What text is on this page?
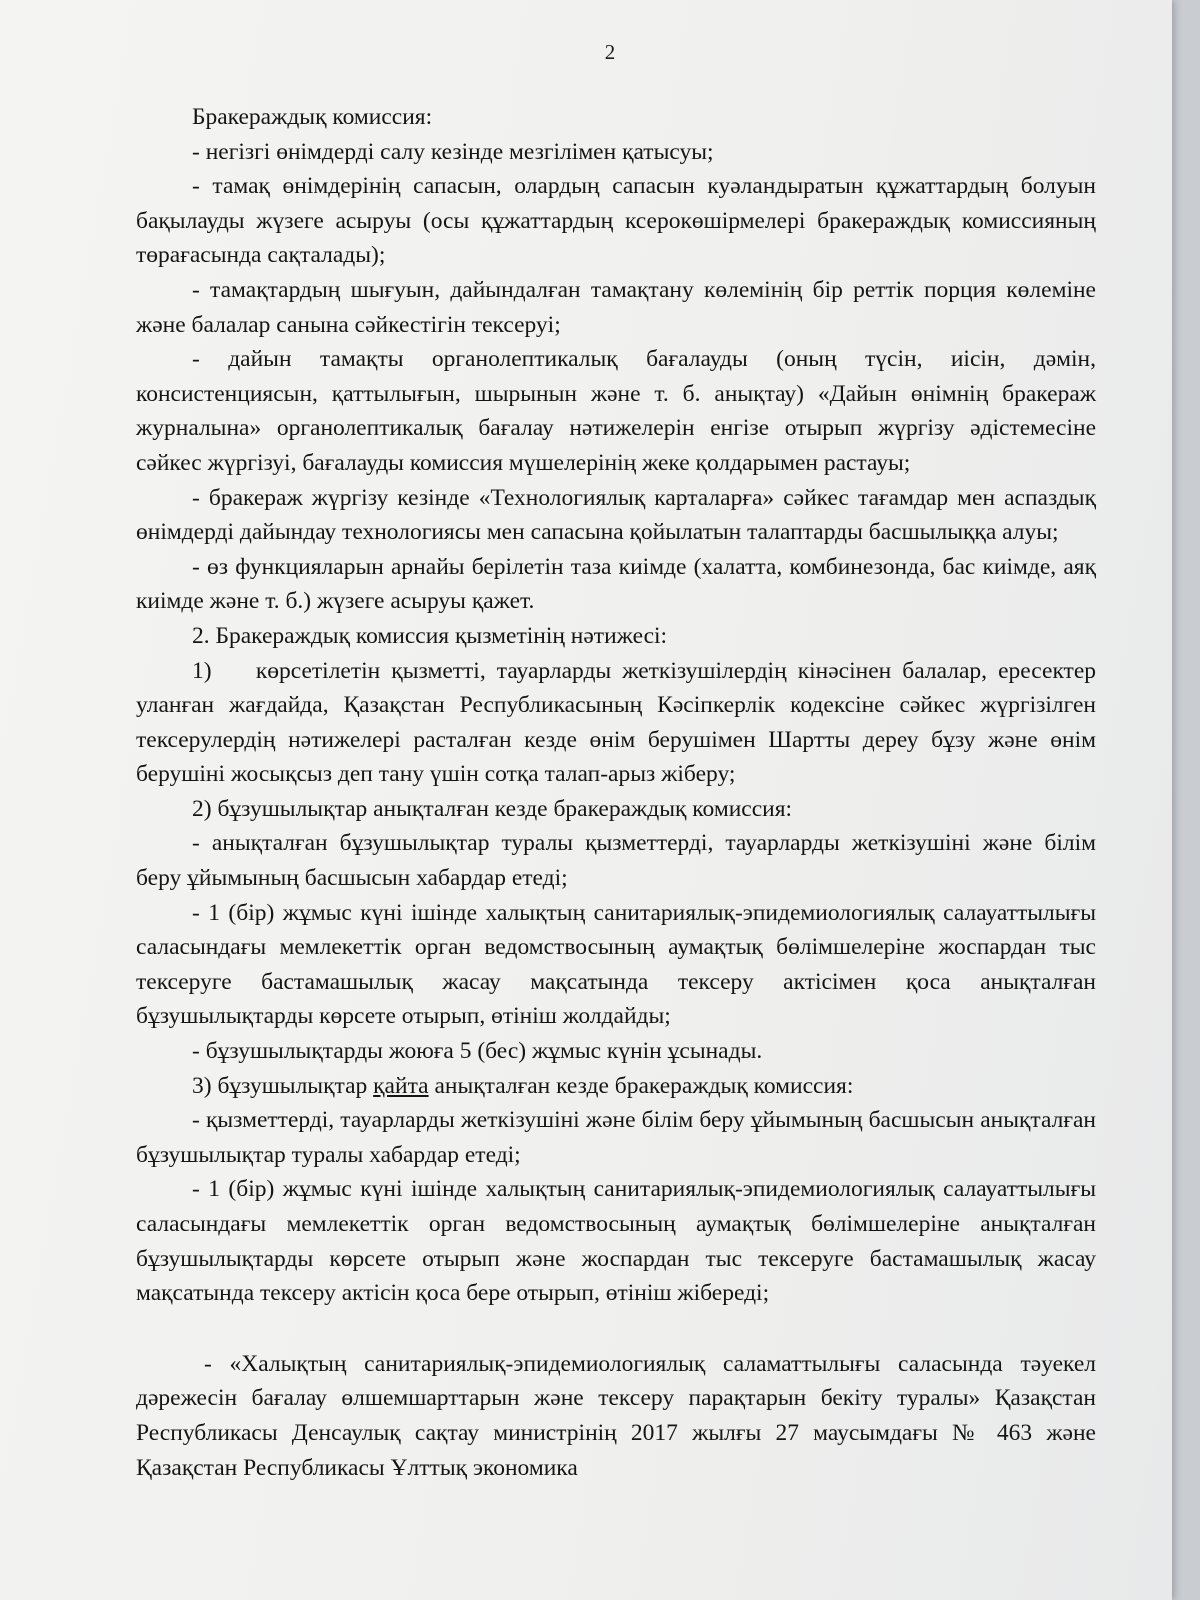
2

Бракераждық комиссия:

- негізгі өнімдерді салу кезінде мезгілімен қатысуы;

- тамақ өнімдерінің сапасын, олардың сапасын куәландыратын құжаттардың болуын бақылауды жүзеге асыруы (осы құжаттардың ксерокөшірмелері бракераждық комиссияның төрағасында сақталады);

- тамақтардың шығуын, дайындалған тамақтану көлемінің бір реттік порция көлеміне және балалар санына сәйкестігін тексеруі;

- дайын тамақты органолептикалық бағалауды (оның түсін, иісін, дәмін, консистенциясын, қаттылығын, шырынын және т. б. анықтау) «Дайын өнімнің бракераж журналына» органолептикалық бағалау нәтижелерін енгізе отырып жүргізу әдістемесіне сәйкес жүргізуі, бағалауды комиссия мүшелерінің жеке қолдарымен растауы;

- бракераж жүргізу кезінде «Технологиялық карталарға» сәйкес тағамдар мен аспаздық өнімдерді дайындау технологиясы мен сапасына қойылатын талаптарды басшылыққа алуы;

- өз функцияларын арнайы берілетін таза киімде (халатта, комбинезонда, бас киімде, аяқ киімде және т. б.) жүзеге асыруы қажет.

2. Бракераждық комиссия қызметінің нәтижесі:

1)    көрсетілетін қызметті, тауарларды жеткізушілердің кінәсінен балалар, ересектер уланған жағдайда, Қазақстан Республикасының Кәсіпкерлік кодексіне сәйкес жүргізілген тексерулердің нәтижелері расталған кезде өнім берушімен Шартты дереу бұзу және өнім берушіні жосықсыз деп тану үшін сотқа талап-арыз жіберу;

2) бұзушылықтар анықталған кезде бракераждық комиссия:

- анықталған бұзушылықтар туралы қызметтерді, тауарларды жеткізушіні және білім беру ұйымының басшысын хабардар етеді;

- 1 (бір) жұмыс күні ішінде халықтың санитариялық-эпидемиологиялық салауаттылығы саласындағы мемлекеттік орган ведомствосының аумақтық бөлімшелеріне жоспардан тыс тексеруге бастамашылық жасау мақсатында тексеру актісімен қоса анықталған бұзушылықтарды көрсете отырып, өтініш жолдайды;

- бұзушылықтарды жоюға 5 (бес) жұмыс күнін ұсынады.

3) бұзушылықтар қайта анықталған кезде бракераждық комиссия:

- қызметтерді, тауарларды жеткізушіні және білім беру ұйымының басшысын анықталған бұзушылықтар туралы хабардар етеді;

- 1 (бір) жұмыс күні ішінде халықтың санитариялық-эпидемиологиялық салауаттылығы саласындағы мемлекеттік орган ведомствосының аумақтық бөлімшелеріне анықталған бұзушылықтарды көрсете отырып және жоспардан тыс тексеруге бастамашылық жасау мақсатында тексеру актісін қоса бере отырып, өтініш жібереді;

- «Халықтың санитариялық-эпидемиологиялық саламаттылығы саласында тәуекел дәрежесін бағалау өлшемшарттарын және тексеру парақтарын бекіту туралы» Қазақстан Республикасы Денсаулық сақтау министрінің 2017 жылғы 27 маусымдағы № 463 және Қазақстан Республикасы Ұлттық экономика
